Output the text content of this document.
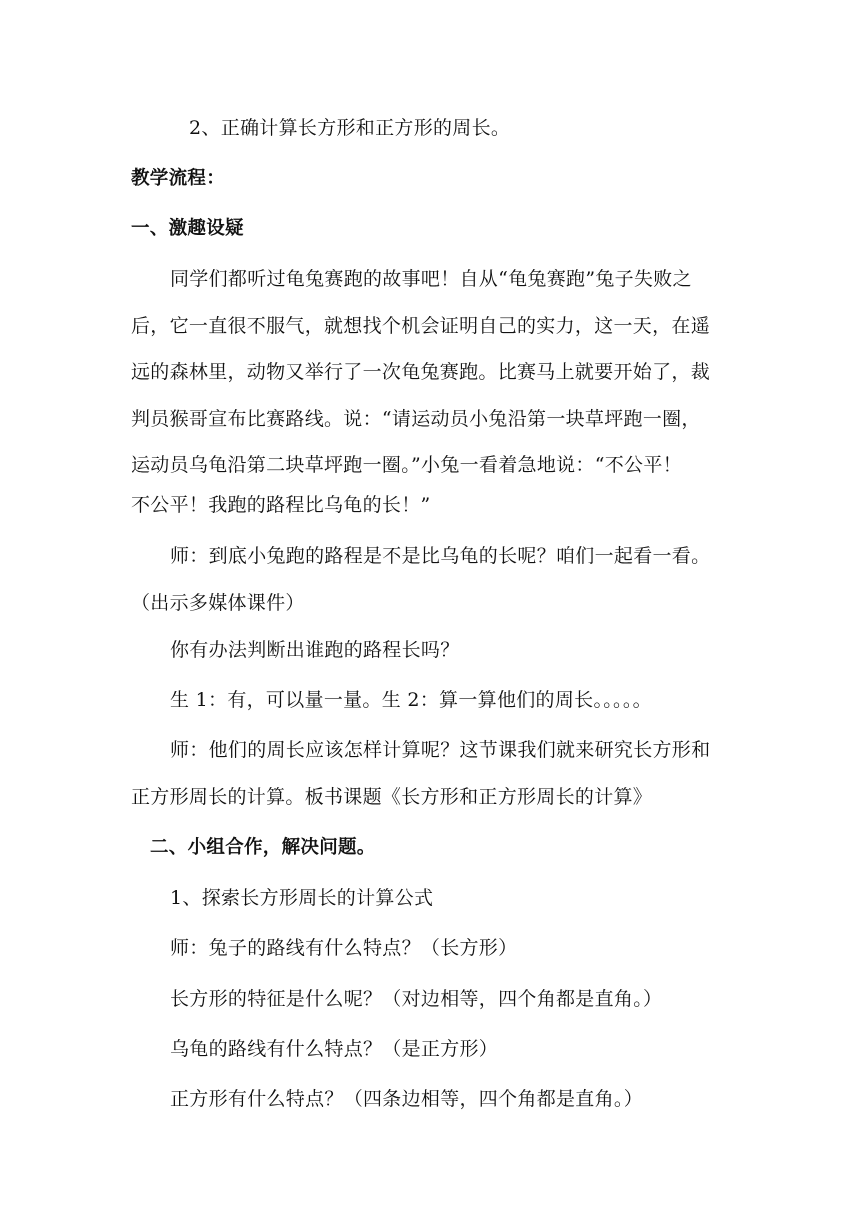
2、正确计算长方形和正方形的周长。
教学流程：
一、激趣设疑
同学们都听过龟兔赛跑的故事吧！自从“龟兔赛跑”兔子失败之
后，它一直很不服气，就想找个机会证明自己的实力，这一天，在遥
远的森林里，动物又举行了一次龟兔赛跑。比赛马上就要开始了，裁
判员猴哥宣布比赛路线。说：“请运动员小兔沿第一块草坪跑一圈，
运动员乌龟沿第二块草坪跑一圈。”小兔一看着急地说：“不公平！
不公平！我跑的路程比乌龟的长！”
师：到底小兔跑的路程是不是比乌龟的长呢？咱们一起看一看。
（出示多媒体课件）
你有办法判断出谁跑的路程长吗？
生 1：有，可以量一量。生 2：算一算他们的周长。。。。。
师：他们的周长应该怎样计算呢？这节课我们就来研究长方形和
正方形周长的计算。板书课题《长方形和正方形周长的计算》
二、小组合作，解决问题。
1、探索长方形周长的计算公式
师：兔子的路线有什么特点？（长方形）
长方形的特征是什么呢？（对边相等，四个角都是直角。）
乌龟的路线有什么特点？（是正方形）
正方形有什么特点？（四条边相等，四个角都是直角。）
